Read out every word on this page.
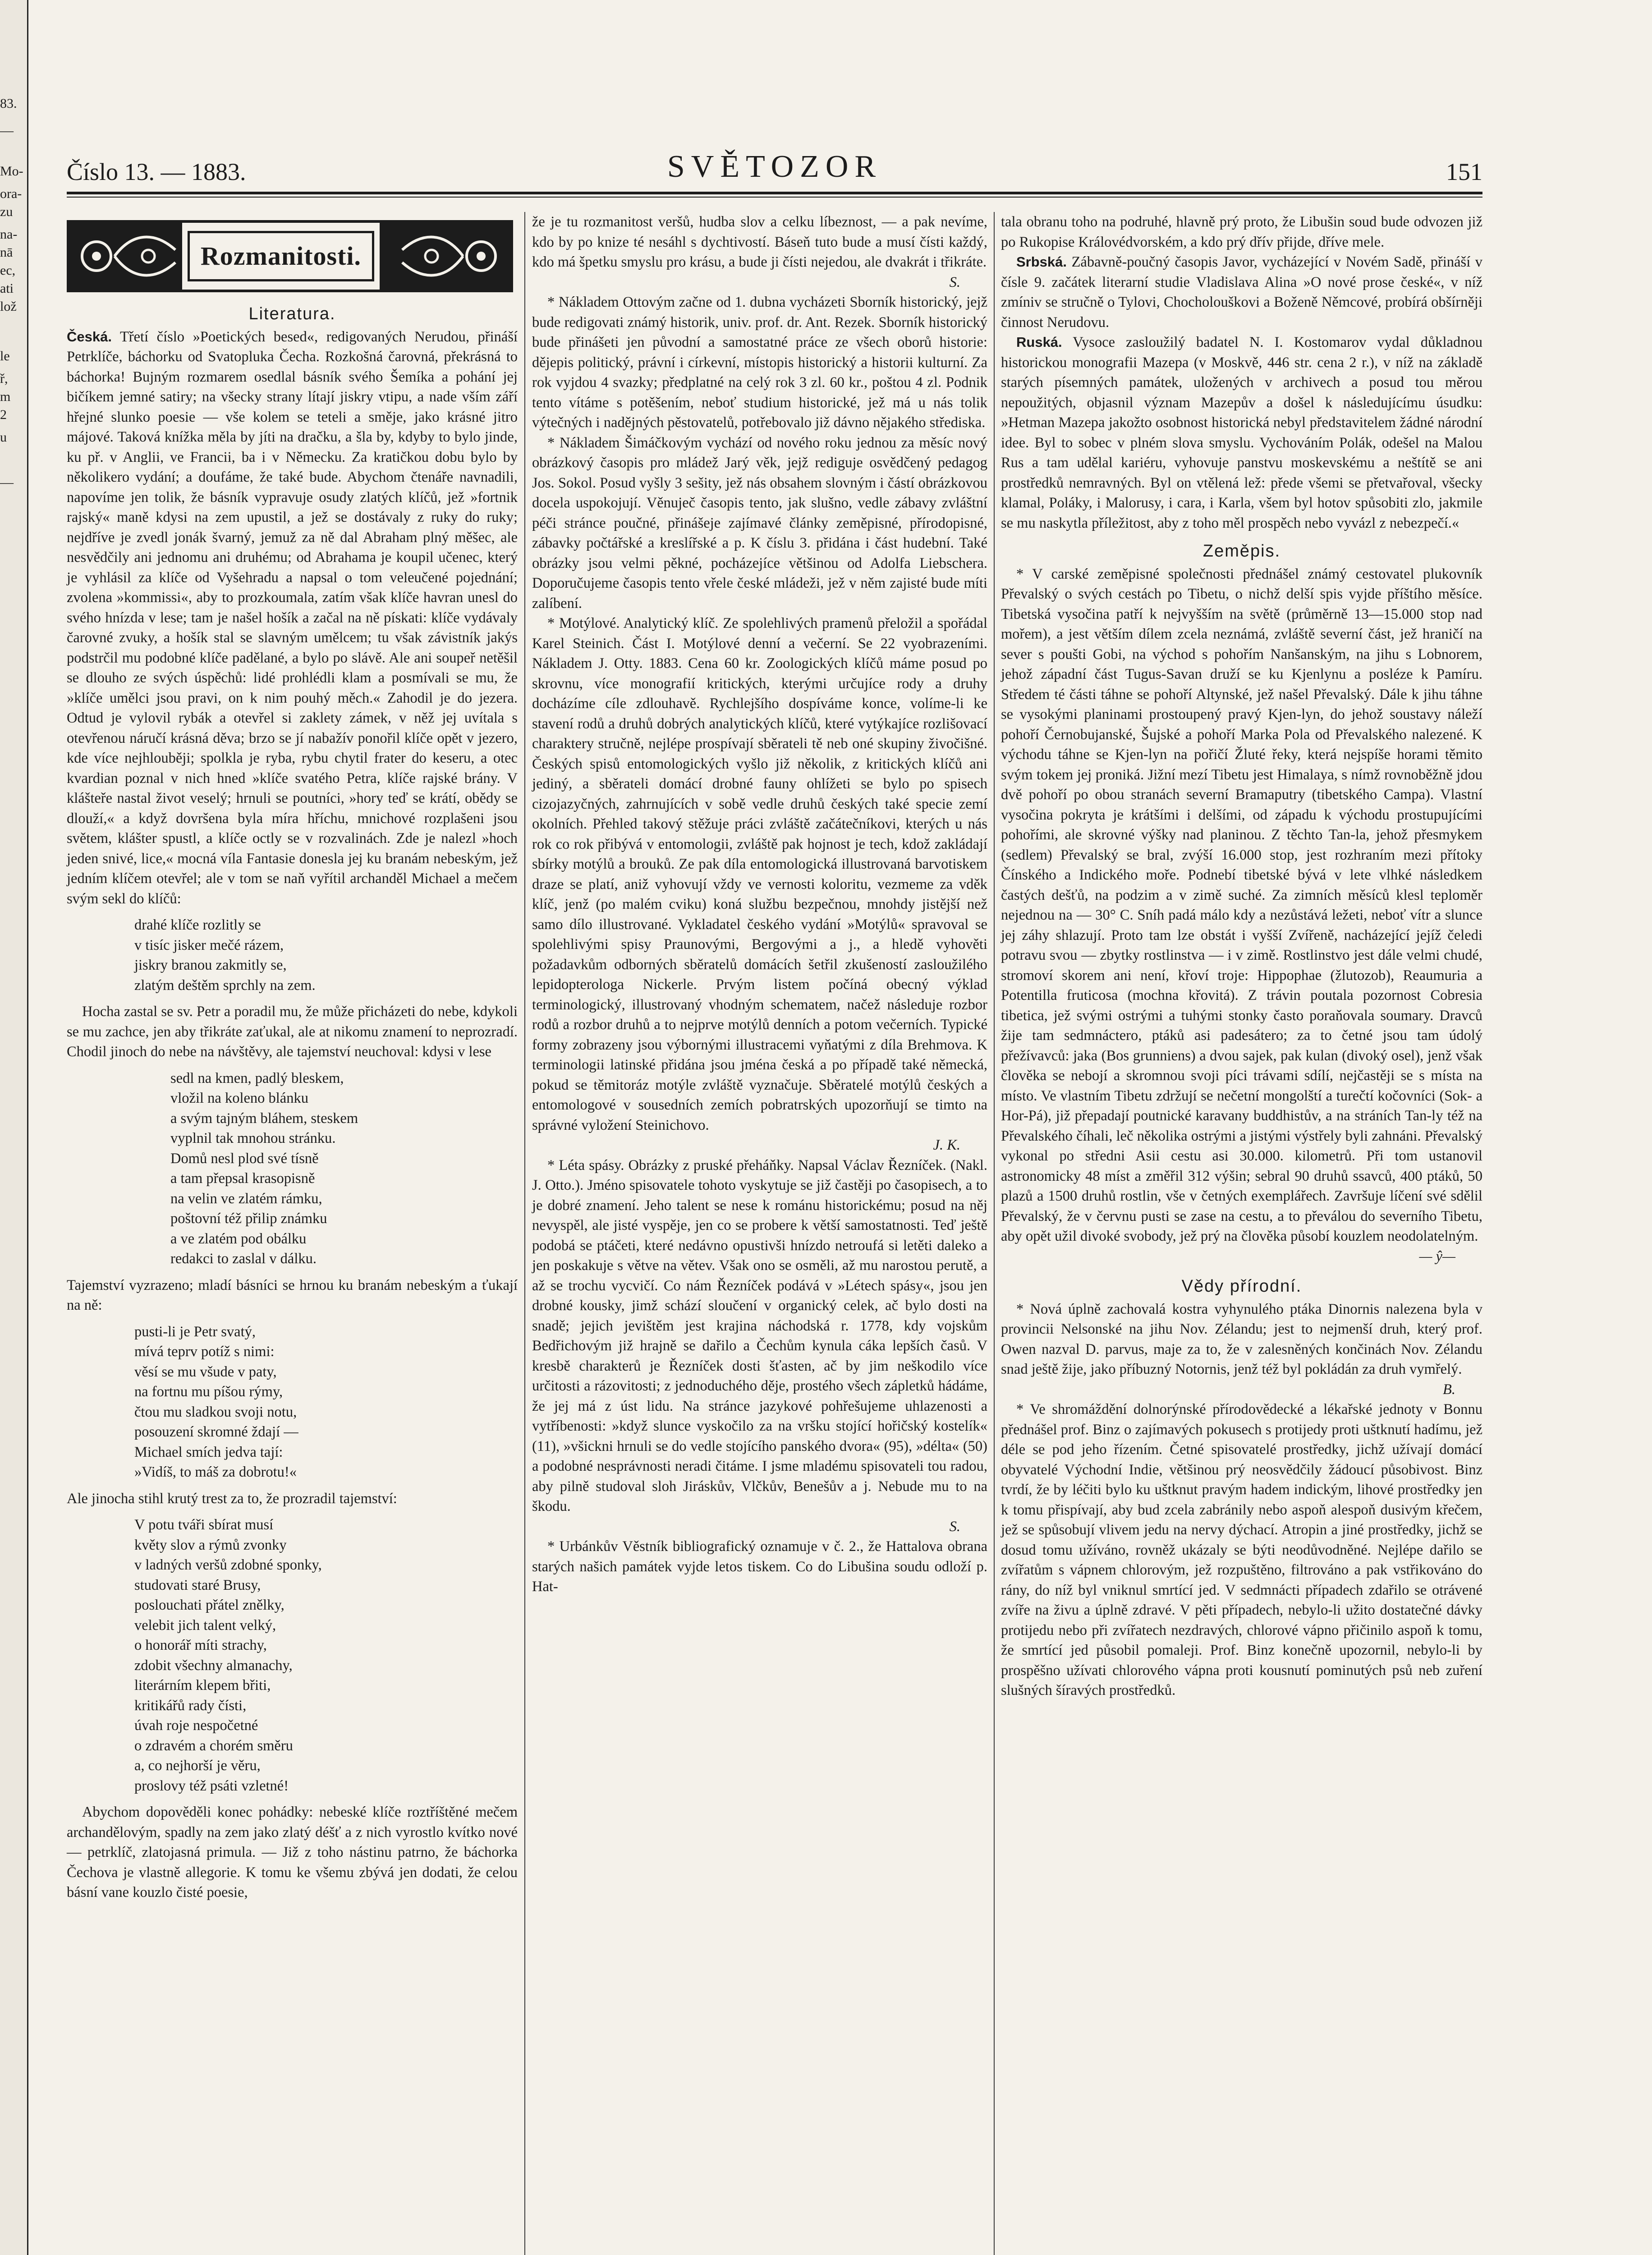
83.
—
Mo-
ora-
zu
na-
nā
ec,
ati
lož
le
ř,
m
2
u
—
Číslo 13. — 1883.	SVĚTOZOR	151
Rozmanitosti.
Literatura.

Česká. Třetí číslo »Poetických besed«, redigovaných Nerudou, přináší Petrklíče, báchorku od Svatopluka Čecha. Rozkošná čarovná, překrásná to báchorka! Bujným rozmarem osedlal básník svého Šemíka a pohání jej bičíkem jemné satiry; na všecky strany lítají jiskry vtipu, a nade vším září hřejné slunko poesie — vše kolem se teteli a směje, jako krásné jitro májové. Taková knížka měla by jíti na dračku, a šla by, kdyby to bylo jinde, ku př. v Anglii, ve Francii, ba i v Německu. Za kratičkou dobu bylo by několikero vydání; a doufáme, že také bude. Abychom čtenáře navnadili, napovíme jen tolik, že básník vypravuje osudy zlatých klíčů, jež »fortnik rajský« maně kdysi na zem upustil, a jež se dostávaly z ruky do ruky; nejdříve je zvedl jonák švarný, jemuž za ně dal Abraham plný měšec, ale nesvědčily ani jednomu ani druhému; od Abrahama je koupil učenec, který je vyhlásil za klíče od Vyšehradu a napsal o tom veleučené pojednání; zvolena »kommissi«, aby to prozkoumala, zatím však klíče havran unesl do svého hnízda v lese; tam je našel hošík a začal na ně pískati: klíče vydávaly čarovné zvuky, a hošík stal se slavným umělcem; tu však závistník jakýs podstrčil mu podobné klíče padělané, a bylo po slávě. Ale ani soupeř netěšil se dlouho ze svých úspěchů: lidé prohlédli klam a posmívali se mu, že »klíče umělci jsou pravi, on k nim pouhý měch.« Zahodil je do jezera. Odtud je vylovil rybák a otevřel si zaklety zámek, v něž jej uvítala s otevřenou náručí krásná děva; brzo se jí nabažív ponořil klíče opět v jezero, kde více nejhlouběji; spolkla je ryba, rybu chytil frater do keseru, a otec kvardian poznal v nich hned »klíče svatého Petra, klíče rajské brány. V klášteře nastal život veselý; hrnuli se poutníci, »hory teď se krátí, obědy se dlouží,« a když dovršena byla míra hříchu, mnichové rozplašeni jsou světem, klášter spustl, a klíče octly se v rozvalinách. Zde je nalezl »hoch jeden snivé, lice,« mocná víla Fantasie donesla jej ku branám nebeským, jež jedním klíčem otevřel; ale v tom se naň vyřítil archanděl Michael a mečem svým sekl do klíčů:

drahé klíče rozlitly se
v tisíc jisker mečé rázem,
jiskry branou zakmitly se,
zlatým deštěm sprchly na zem.

Hocha zastal se sv. Petr a poradil mu, že může přicházeti do nebe, kdykoli se mu zachce, jen aby třikráte zaťukal, ale at nikomu znamení to neprozradí. Chodil jinoch do nebe na návštěvy, ale tajemství neuchoval: kdysi v lese

sedl na kmen, padlý bleskem,
vložil na koleno blánku
a svým tajným bláhem, steskem
vyplnil tak mnohou stránku.
Domů nesl plod své tísně
a tam přepsal krasopisně
na velin ve zlatém rámku,
poštovní též přilip známku
a ve zlatém pod obálku
redakci to zaslal v dálku.

Tajemství vyzrazeno; mladí básníci se hrnou ku branám nebeským a ťukají na ně:

pusti-li je Petr svatý,
mívá teprv potíž s nimi:
věsí se mu všude v paty,
na fortnu mu píšou rýmy,
čtou mu sladkou svoji notu,
posouzení skromné ždají —
Michael smích jedva tají:
»Vidíš, to máš za dobrotu!«

Ale jinocha stihl krutý trest za to, že prozradil tajemství:

V potu tváři sbírat musí
květy slov a rýmů zvonky
v ladných veršů zdobné sponky,
studovati staré Brusy,
poslouchati přátel znělky,
velebit jich talent velký,
o honorář míti strachy,
zdobit všechny almanachy,
literárním klepem břiti,
kritikářů rady čísti,
úvah roje nespočetné
o zdravém a chorém směru
a, co nejhorší je věru,
proslovy též psáti vzletné!

Abychom dopověděli konec pohádky: nebeské klíče roztříštěné mečem archandělovým, spadly na zem jako zlatý déšť a z nich vyrostlo kvítko nové — petrklíč, zlatojasná primula. — Již z toho nástinu patrno, že báchorka Čechova je vlastně allegorie. K tomu ke všemu zbývá jen dodati, že celou básní vane kouzlo čisté poesie,

že je tu rozmanitost veršů, hudba slov a celku líbeznost, — a pak nevíme, kdo by po knize té nesáhl s dychtivostí. Báseň tuto bude a musí čísti každý, kdo má špetku smyslu pro krásu, a bude ji čísti nejedou, ale dvakrát i třikráte.

S.

* Nákladem Ottovým začne od 1. dubna vycházeti Sborník historický, jejž bude redigovati známý historik, univ. prof. dr. Ant. Rezek. Sborník historický bude přinášeti jen původní a samostatné práce ze všech oborů historie: dějepis politický, právní i církevní, místopis historický a historii kulturní. Za rok vyjdou 4 svazky; předplatné na celý rok 3 zl. 60 kr., poštou 4 zl. Podnik tento vítáme s potěšením, neboť studium historické, jež má u nás tolik výtečných i nadějných pěstovatelů, potřebovalo již dávno nějakého střediska.

* Nákladem Šimáčkovým vychází od nového roku jednou za měsíc nový obrázkový časopis pro mládež Jarý věk, jejž rediguje osvědčený pedagog Jos. Sokol. Posud vyšly 3 sešity, jež nás obsahem slovným i částí obrázkovou docela uspokojují. Věnuječ časopis tento, jak slušno, vedle zábavy zvláštní péči stránce poučné, přinášeje zajímavé články zeměpisné, přírodopisné, zábavky počtářské a kreslířské a p. K číslu 3. přidána i část hudební. Také obrázky jsou velmi pěkné, pocházejíce většinou od Adolfa Liebschera. Doporučujeme časopis tento vřele české mládeži, jež v něm zajisté bude míti zalíbení.

* Motýlové. Analytický klíč. Ze spolehlivých pramenů přeložil a spořádal Karel Steinich. Část I. Motýlové denní a večerní. Se 22 vyobrazeními. Nákladem J. Otty. 1883. Cena 60 kr. Zoologických klíčů máme posud po skrovnu, více monografií kritických, kterými určujíce rody a druhy docházíme cíle zdlouhavě. Rychlejšího dospíváme konce, volíme-li ke stavení rodů a druhů dobrých analytických klíčů, které vytýkajíce rozlišovací charaktery stručně, nejlépe prospívají sběrateli tě neb oné skupiny živočišné. Českých spisů entomologických vyšlo již několik, z kritických klíčů ani jediný, a sběrateli domácí drobné fauny ohlížeti se bylo po spisech cizojazyčných, zahrnujících v sobě vedle druhů českých také specie zemí okolních. Přehled takový stěžuje práci zvláště začátečníkovi, kterých u nás rok co rok přibývá v entomologii, zvláště pak hojnost je tech, kdož zakládají sbírky motýlů a brouků. Ze pak díla entomologická illustrovaná barvotiskem draze se platí, aniž vyhovují vždy ve vernosti koloritu, vezmeme za vděk klíč, jenž (po malém cviku) koná službu bezpečnou, mnohdy jistější než samo dílo illustrované. Vykladatel českého vydání »Motýlů« spravoval se spolehlivými spisy Praunovými, Bergovými a j., a hledě vyhověti požadavkům odborných sběratelů domácích šetřil zkušeností zasloužilého lepidopterologa Nickerle. Prvým listem počíná obecný výklad terminologický, illustrovaný vhodným schematem, načež následuje rozbor rodů a rozbor druhů a to nejprve motýlů denních a potom večerních. Typické formy zobrazeny jsou výbornými illustracemi vyňatými z díla Brehmova. K terminologii latinské přidána jsou jména česká a po případě také německá, pokud se těmitoráz motýle zvláště vyznačuje. Sběratelé motýlů českých a entomologové v sousedních zemích pobratrských upozorňují se timto na správné vyložení Steinichovo.

J. K.

* Léta spásy. Obrázky z pruské přeháňky. Napsal Václav Řezníček. (Nakl. J. Otto.). Jméno spisovatele tohoto vyskytuje se již častěji po časopisech, a to je dobré znamení. Jeho talent se nese k románu historickému; posud na něj nevyspěl, ale jisté vyspěje, jen co se probere k větší samostatnosti. Teď ještě podobá se ptáčeti, které nedávno opustivši hnízdo netroufá si letěti daleko a jen poskakuje s větve na větev. Však ono se osměli, až mu narostou perutě, a až se trochu vycvičí. Co nám Řezníček podává v »Létech spásy«, jsou jen drobné kousky, jimž schází sloučení v organický celek, ač bylo dosti na snadě; jejich jevištěm jest krajina náchodská r. 1778, kdy vojskům Bedřichovým již hrajně se dařilo a Čechům kynula cáka lepších časů. V kresbě charakterů je Řezníček dosti šťasten, ač by jim neškodilo více určitosti a rázovitosti; z jednoduchého děje, prostého všech zápletků hádáme, že jej má z úst lidu. Na stránce jazykové pohřešujeme uhlazenosti a vytříbenosti: »když slunce vyskočilo za na vršku stojící hořičský kostelík« (11), »všickni hrnuli se do vedle stojícího panského dvora« (95), »délta« (50) a podobné nesprávnosti neradi čitáme. I jsme mladému spisovateli tou radou, aby pilně studoval sloh Jiráskův, Vlčkův, Benešův a j. Nebude mu to na škodu.

S.

* Urbánkův Věstník bibliografický oznamuje v č. 2., že Hattalova obrana starých našich památek vyjde letos tiskem. Co do Libušina soudu odloží p. Hat-

tala obranu toho na podruhé, hlavně prý proto, že Libušin soud bude odvozen již po Rukopise Královédvorském, a kdo prý dřív přijde, dříve mele.

Srbská. Zábavně-poučný časopis Javor, vycházející v Novém Sadě, přináší v čísle 9. začátek literarní studie Vladislava Alina »O nové prose české«, v níž zmíniv se stručně o Tylovi, Chocholouškovi a Boženě Němcové, probírá obšírněji činnost Nerudovu.

Ruská. Vysoce zasloužilý badatel N. I. Kostomarov vydal důkladnou historickou monografii Mazepa (v Moskvě, 446 str. cena 2 r.), v níž na základě starých písemných památek, uložených v archivech a posud tou měrou nepoužitých, objasnil význam Mazepův a došel k následujícímu úsudku: »Hetman Mazepa jakožto osobnost historická nebyl představitelem žádné národní idee. Byl to sobec v plném slova smyslu. Vychováním Polák, odešel na Malou Rus a tam udělal kariéru, vyhovuje panstvu moskevskému a neštítě se ani prostředků nemravných. Byl on vtělená lež: přede všemi se přetvařoval, všecky klamal, Poláky, i Malorusy, i cara, i Karla, všem byl hotov spůsobiti zlo, jakmile se mu naskytla příležitost, aby z toho měl prospěch nebo vyvázl z nebezpečí.«

Zeměpis.

* V carské zeměpisné společnosti přednášel známý cestovatel plukovník Převalský o svých cestách po Tibetu, o nichž delší spis vyjde příštího měsíce. Tibetská vysočina patří k nejvyšším na světě (průměrně 13—15.000 stop nad mořem), a jest větším dílem zcela neznámá, zvláště severní část, jež hraničí na sever s poušti Gobi, na východ s pohořím Nanšanským, na jihu s Lobnorem, jehož západní část Tugus-Savan druží se ku Kjenlynu a posléze k Pamíru. Středem té části táhne se pohoří Altynské, jež našel Převalský. Dále k jihu táhne se vysokými planinami prostoupený pravý Kjen-lyn, do jehož soustavy náleží pohoří Černobujanské, Šujské a pohoří Marka Pola od Převalského nalezené. K východu táhne se Kjen-lyn na pořičí Žluté řeky, která nejspíše horami těmito svým tokem jej proniká. Jižní mezí Tibetu jest Himalaya, s nímž rovnoběžně jdou dvě pohoří po obou stranách severní Bramaputry (tibetského Campa). Vlastní vysočina pokryta je krátšími i delšími, od západu k východu prostupujícími pohořími, ale skrovné výšky nad planinou. Z těchto Tan-la, jehož přesmykem (sedlem) Převalský se bral, zvýší 16.000 stop, jest rozhraním mezi přítoky Čínského a Indického moře. Podnebí tibetské bývá v lete vlhké následkem častých dešťů, na podzim a v zimě suché. Za zimních měsíců klesl teploměr nejednou na — 30° C. Sníh padá málo kdy a nezůstává ležeti, neboť vítr a slunce jej záhy shlazují. Proto tam lze obstát i vyšší Zvířeně, nacházející jejíž čeledi potravu svou — zbytky rostlinstva — i v zimě. Rostlinstvo jest dále velmi chudé, stromoví skorem ani není, křoví troje: Hippophae (žlutozob), Reaumuria a Potentilla fruticosa (mochna křovitá). Z trávin poutala pozornost Cobresia tibetica, jež svými ostrými a tuhými stonky často poraňovala soumary. Dravců žije tam sedmnácterо, ptáků asi padesátero; za to četné jsou tam údolý přežívavců: jaka (Bos grunniens) a dvou sajek, pak kulan (divoký osel), jenž však člověka se nebojí a skromnou svoji píci trávami sdílí, nejčastěji se s místa na místo. Ve vlastním Tibetu zdržují se nečetní mongolští a turečtí kočovníci (Sok- a Hor-Pá), již přepadají poutnické karavany buddhistův, a na stráních Tan-ly též na Převalského číhali, leč několika ostrými a jistými výstřely byli zahnáni. Převalský vykonal po středni Asii cestu asi 30.000. kilometrů. Při tom ustanovil astronomicky 48 míst a změřil 312 výšin; sebral 90 druhů ssavců, 400 ptáků, 50 plazů a 1500 druhů rostlin, vše v četných exemplářech. Završuje líčení své sdělil Převalský, že v červnu pusti se zase na cestu, a to převálou do severního Tibetu, aby opět užil divoké svobody, jež prý na člověka působí kouzlem neodolatelným.

— ŷ—
Vědy přírodní.

* Nová úplně zachovalá kostra vyhynulého ptáka Dinornis nalezena byla v provincii Nelsonské na jihu Nov. Zélandu; jest to nejmenší druh, který prof. Owen nazval D. parvus, maje za to, že v zalesněných končinách Nov. Zélandu snad ještě žije, jako příbuzný Notornis, jenž též byl pokládán za druh vymřelý.

B.

* Ve shromáždění dolnorýnské přírodovědecké a lékařské jednoty v Bonnu přednášel prof. Binz o zajímavých pokusech s protijedy proti uštknutí hadímu, jež déle se pod jeho řízením. Četné spisovatelé prostředky, jichž užívají domácí obyvatelé Východní Indie, většinou prý neosvědčily žádoucí působivost. Binz tvrdí, že by léčiti bylo ku uštknut pravým hadem indickým, lihové prostředky jen k tomu přispívají, aby bud zcela zabránily nebo aspoň alespoň dusivým křečem, jež se spůsobují vlivem jedu na nervy dýchací. Atropin a jiné prostředky, jichž se dosud tomu užíváno, rovněž ukázaly se býti neodůvodněné. Nejlépe dařilo se zvířatům s vápnem chlorovým, jež rozpuštěno, filtrováno a pak vstřikováno do rány, do níž byl vniknul smrtící jed. V sedmnácti případech zdařilo se otrávené zvíře na živu a úplně zdravé. V pěti případech, nebylo-li užito dostatečné dávky protijedu nebo při zvířatech nezdravých, chlorové vápno přičinilo aspoň k tomu, že smrtící jed působil pomaleji. Prof. Binz konečně upozornil, nebylo-li by prospěšno užívati chlorového vápna proti kousnutí pominutých psů neb zuření slušných šíravých prostředků.
